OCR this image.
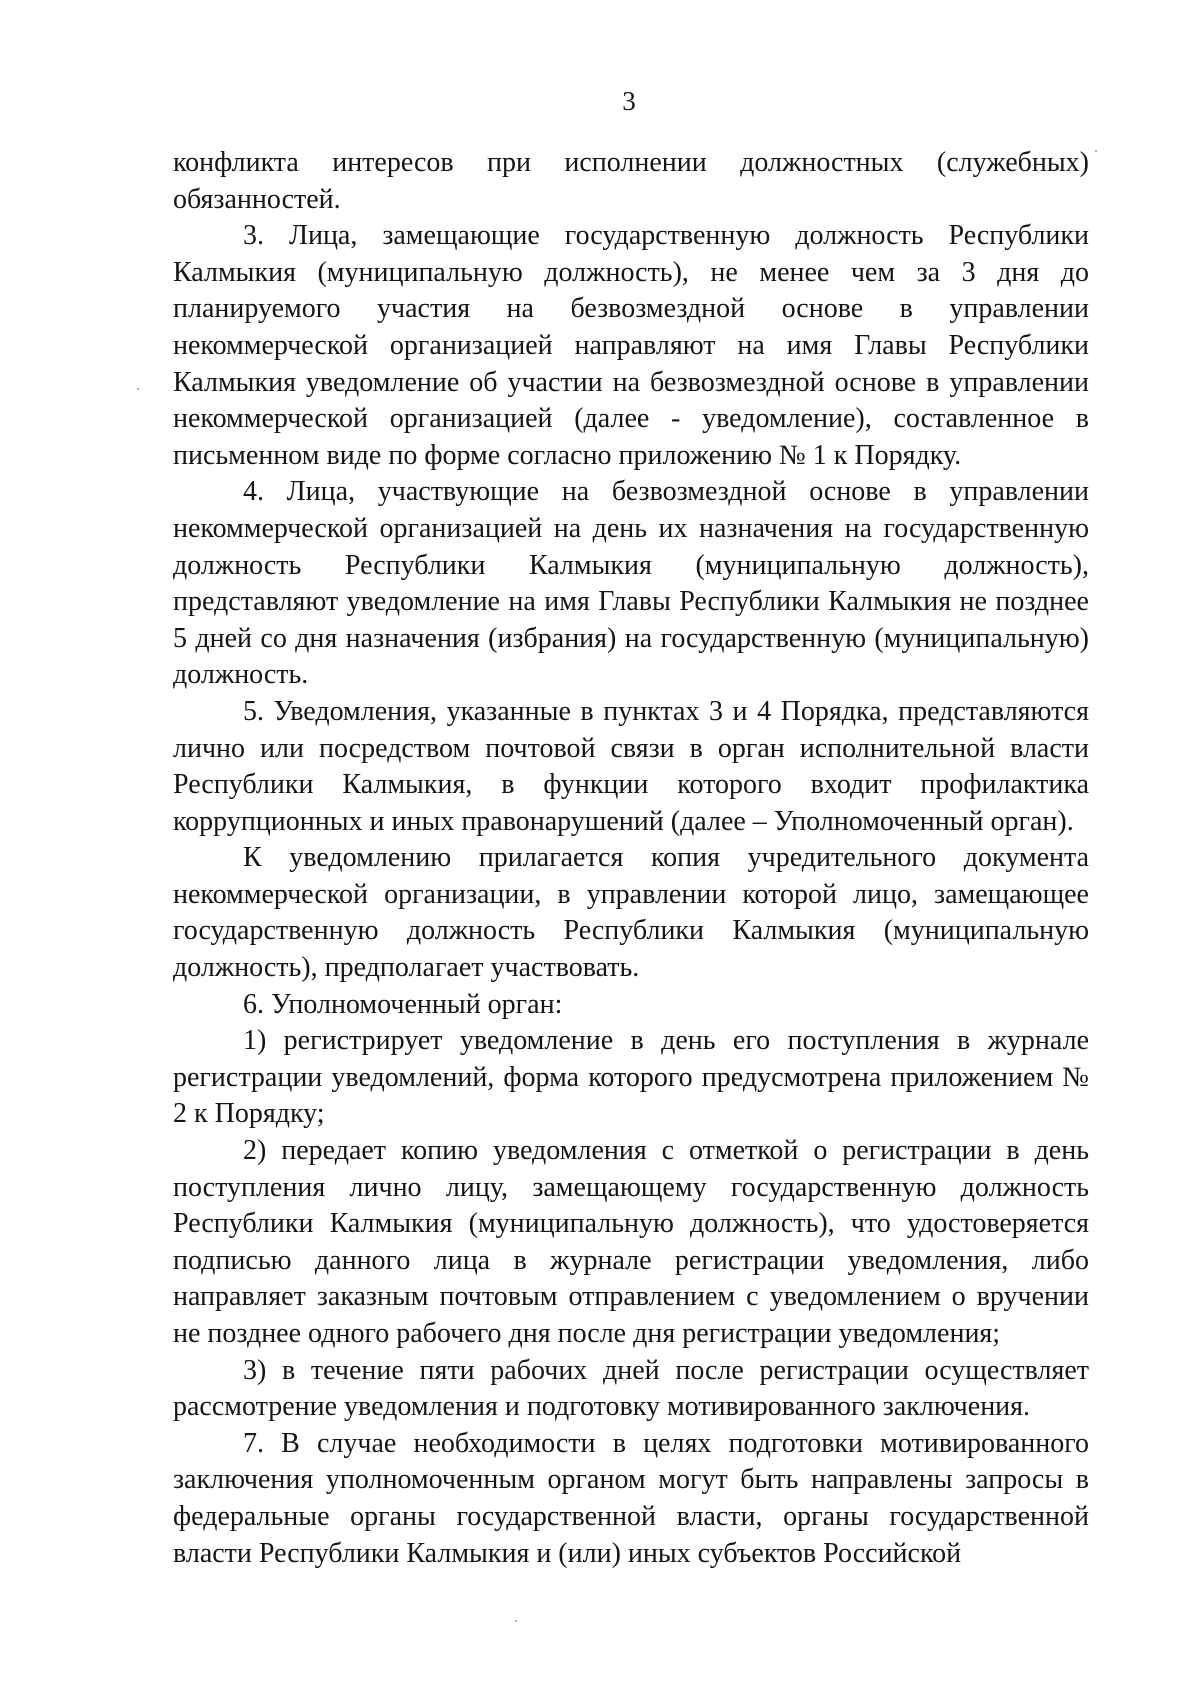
3

конфликта интересов при исполнении должностных (служебных) обязанностей.

3. Лица, замещающие государственную должность Республики Калмыкия (муниципальную должность), не менее чем за 3 дня до планируемого участия на безвозмездной основе в управлении некоммерческой организацией направляют на имя Главы Республики Калмыкия уведомление об участии на безвозмездной основе в управлении некоммерческой организацией (далее - уведомление), составленное в письменном виде по форме согласно приложению № 1 к Порядку.

4. Лица, участвующие на безвозмездной основе в управлении некоммерческой организацией на день их назначения на государственную должность Республики Калмыкия (муниципальную должность), представляют уведомление на имя Главы Республики Калмыкия не позднее 5 дней со дня назначения (избрания) на государственную (муниципальную) должность.

5. Уведомления, указанные в пунктах 3 и 4 Порядка, представляются лично или посредством почтовой связи в орган исполнительной власти Республики Калмыкия, в функции которого входит профилактика коррупционных и иных правонарушений (далее – Уполномоченный орган).

К уведомлению прилагается копия учредительного документа некоммерческой организации, в управлении которой лицо, замещающее государственную должность Республики Калмыкия (муниципальную должность), предполагает участвовать.

6. Уполномоченный орган:

1) регистрирует уведомление в день его поступления в журнале регистрации уведомлений, форма которого предусмотрена приложением № 2 к Порядку;

2) передает копию уведомления с отметкой о регистрации в день поступления лично лицу, замещающему государственную должность Республики Калмыкия (муниципальную должность), что удостоверяется подписью данного лица в журнале регистрации уведомления, либо направляет заказным почтовым отправлением с уведомлением о вручении не позднее одного рабочего дня после дня регистрации уведомления;

3) в течение пяти рабочих дней после регистрации осуществляет рассмотрение уведомления и подготовку мотивированного заключения.

7. В случае необходимости в целях подготовки мотивированного заключения уполномоченным органом могут быть направлены запросы в федеральные органы государственной власти, органы государственной власти Республики Калмыкия и (или) иных субъектов Российской
